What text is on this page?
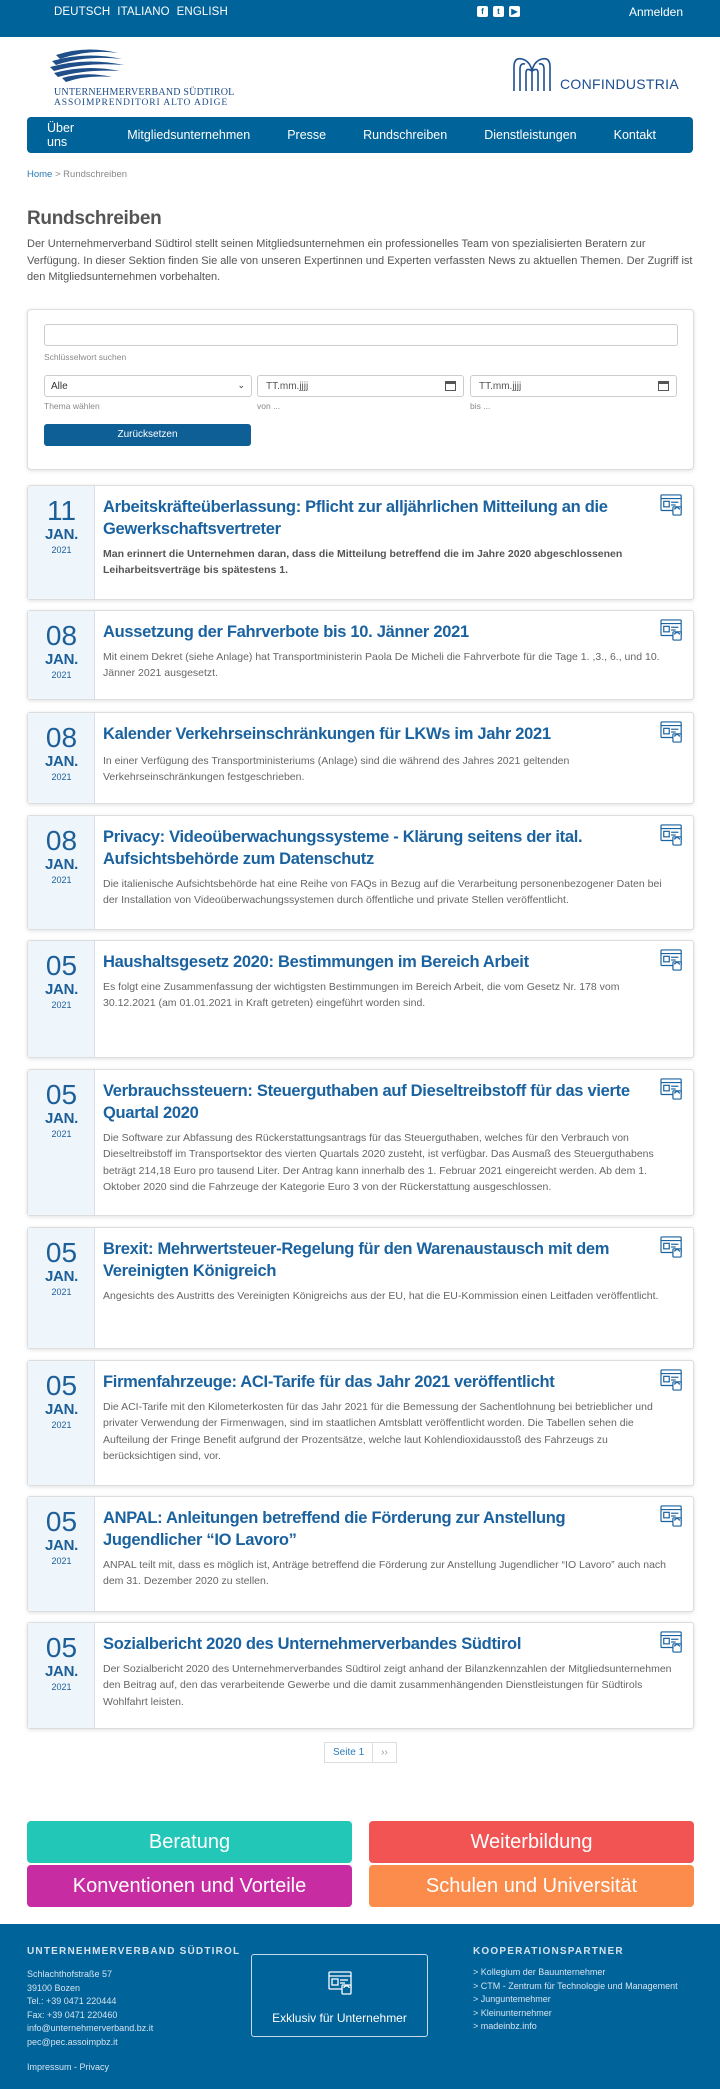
DEUTSCH ITALIANO ENGLISH	f	t	▶	Anmelden
UNTERNEHMERVERBAND SÜDTIROL
ASSOIMPRENDITORI ALTO ADIGE
CONFINDUSTRIA
Über uns	Mitgliedsunternehmen	Presse	Rundschreiben	Dienstleistungen	Kontakt
Home > Rundschreiben
Rundschreiben
Der Unternehmerverband Südtirol stellt seinen Mitgliedsunternehmen ein professionelles Team von spezialisierten Beratern zur Verfügung. In dieser Sektion finden Sie alle von unseren Expertinnen und Experten verfassten News zu aktuellen Themen. Der Zugriff ist den Mitgliedsunternehmen vorbehalten.
Schlüsselwort suchen
Alle	⌄	TT.mm.jjjj	TT.mm.jjjj
Thema wählen	von ...	bis ...
Zurücksetzen
11
JAN.
2021
Arbeitskräfteüberlassung: Pflicht zur alljährlichen Mitteilung an die Gewerkschaftsvertreter
Man erinnert die Unternehmen daran, dass die Mitteilung betreffend die im Jahre 2020 abgeschlossenen Leiharbeitsverträge bis spätestens 1.
08
JAN.
2021
Aussetzung der Fahrverbote bis 10. Jänner 2021
Mit einem Dekret (siehe Anlage) hat Transportministerin Paola De Micheli die Fahrverbote für die Tage 1. ,3., 6., und 10. Jänner 2021 ausgesetzt.
08
JAN.
2021
Kalender Verkehrseinschränkungen für LKWs im Jahr 2021
In einer Verfügung des Transportministeriums (Anlage) sind die während des Jahres 2021 geltenden Verkehrseinschränkungen festgeschrieben.
08
JAN.
2021
Privacy: Videoüberwachungssysteme - Klärung seitens der ital. Aufsichtsbehörde zum Datenschutz
Die italienische Aufsichtsbehörde hat eine Reihe von FAQs in Bezug auf die Verarbeitung personenbezogener Daten bei der Installation von Videoüberwachungssystemen durch öffentliche und private Stellen veröffentlicht.
05
JAN.
2021
Haushaltsgesetz 2020: Bestimmungen im Bereich Arbeit
Es folgt eine Zusammenfassung der wichtigsten Bestimmungen im Bereich Arbeit, die vom Gesetz Nr. 178 vom 30.12.2021 (am 01.01.2021 in Kraft getreten) eingeführt worden sind.
05
JAN.
2021
Verbrauchssteuern: Steuerguthaben auf Dieseltreibstoff für das vierte Quartal 2020
Die Software zur Abfassung des Rückerstattungsantrags für das Steuerguthaben, welches für den Verbrauch von Dieseltreibstoff im Transportsektor des vierten Quartals 2020 zusteht, ist verfügbar. Das Ausmaß des Steuerguthabens beträgt 214,18 Euro pro tausend Liter. Der Antrag kann innerhalb des 1. Februar 2021 eingereicht werden. Ab dem 1. Oktober 2020 sind die Fahrzeuge der Kategorie Euro 3 von der Rückerstattung ausgeschlossen.
05
JAN.
2021
Brexit: Mehrwertsteuer-Regelung für den Warenaustausch mit dem Vereinigten Königreich
Angesichts des Austritts des Vereinigten Königreichs aus der EU, hat die EU-Kommission einen Leitfaden veröffentlicht.
05
JAN.
2021
Firmenfahrzeuge: ACI-Tarife für das Jahr 2021 veröffentlicht
Die ACI-Tarife mit den Kilometerkosten für das Jahr 2021 für die Bemessung der Sachentlohnung bei betrieblicher und privater Verwendung der Firmenwagen, sind im staatlichen Amtsblatt veröffentlicht worden. Die Tabellen sehen die Aufteilung der Fringe Benefit aufgrund der Prozentsätze, welche laut Kohlendioxidausstoß des Fahrzeugs zu berücksichtigen sind, vor.
05
JAN.
2021
ANPAL: Anleitungen betreffend die Förderung zur Anstellung Jugendlicher “IO Lavoro”
ANPAL teilt mit, dass es möglich ist, Anträge betreffend die Förderung zur Anstellung Jugendlicher “IO Lavoro” auch nach dem 31. Dezember 2020 zu stellen.
05
JAN.
2021
Sozialbericht 2020 des Unternehmerverbandes Südtirol
Der Sozialbericht 2020 des Unternehmerverbandes Südtirol zeigt anhand der Bilanzkennzahlen der Mitgliedsunternehmen den Beitrag auf, den das verarbeitende Gewerbe und die damit zusammenhängenden Dienstleistungen für Südtirols Wohlfahrt leisten.
Seite 1	››
Beratung	Weiterbildung
Konventionen und Vorteile	Schulen und Universität
UNTERNEHMERVERBAND SÜDTIROL
Schlachthofstraße 57
39100 Bozen
Tel.: +39 0471 220444
Fax: +39 0471 220460
info@unternehmerverband.bz.it
pec@pec.assoimpbz.it
Exklusiv für Unternehmer
KOOPERATIONSPARTNER
> Kollegium der Bauunternehmer
> CTM - Zentrum für Technologie und Management
> Junguntemehmer
> Kleinunternehmer
> madeinbz.info
Impressum - Privacy
